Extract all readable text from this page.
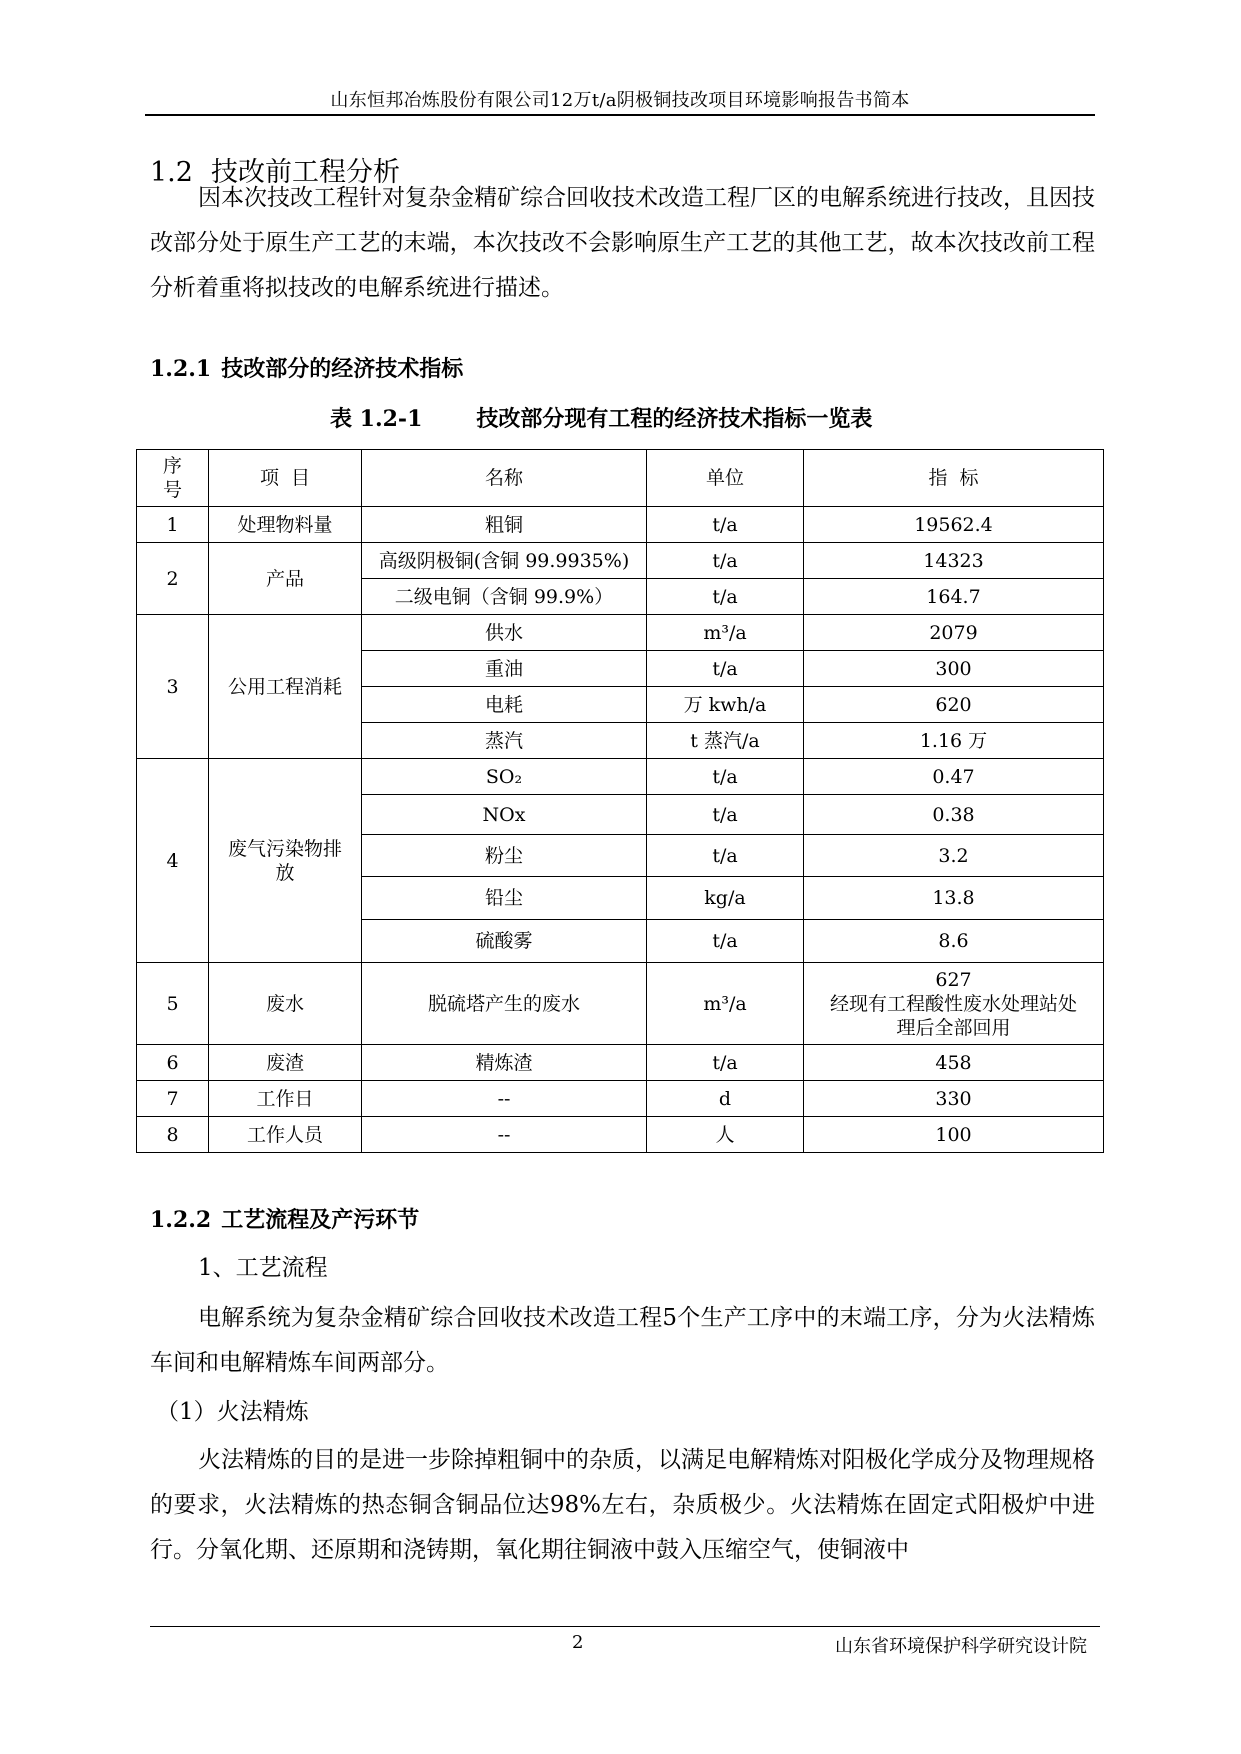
山东恒邦冶炼股份有限公司12万t/a阴极铜技改项目环境影响报告书简本
1.2 技改前工程分析
因本次技改工程针对复杂金精矿综合回收技术改造工程厂区的电解系统进行技改，且因技改部分处于原生产工艺的末端，本次技改不会影响原生产工艺的其他工艺，故本次技改前工程分析着重将拟技改的电解系统进行描述。
1.2.1 技改部分的经济技术指标
表 1.2-1 技改部分现有工程的经济技术指标一览表
序号	项  目	名称	单位	指  标
1	处理物料量	粗铜	t/a	19562.4
2	产品	高级阴极铜(含铜 99.9935%)	t/a	14323
		二级电铜（含铜 99.9%）	t/a	164.7
3	公用工程消耗	供水	m³/a	2079
		重油	t/a	300
		电耗	万 kwh/a	620
		蒸汽	t 蒸汽/a	1.16 万
4	废气污染物排放	SO₂	t/a	0.47
		NOx	t/a	0.38
		粉尘	t/a	3.2
		铅尘	kg/a	13.8
		硫酸雾	t/a	8.6
5	废水	脱硫塔产生的废水	m³/a	627
经现有工程酸性废水处理站处理后全部回用

6	废渣	精炼渣	t/a	458
7	工作日	--	d	330
8	工作人员	--	人	100
1.2.2 工艺流程及产污环节
1、工艺流程
电解系统为复杂金精矿综合回收技术改造工程5个生产工序中的末端工序，分为火法精炼车间和电解精炼车间两部分。
（1）火法精炼
火法精炼的目的是进一步除掉粗铜中的杂质，以满足电解精炼对阳极化学成分及物理规格的要求，火法精炼的热态铜含铜品位达98%左右，杂质极少。火法精炼在固定式阳极炉中进行。分氧化期、还原期和浇铸期，氧化期往铜液中鼓入压缩空气，使铜液中
2	山东省环境保护科学研究设计院
